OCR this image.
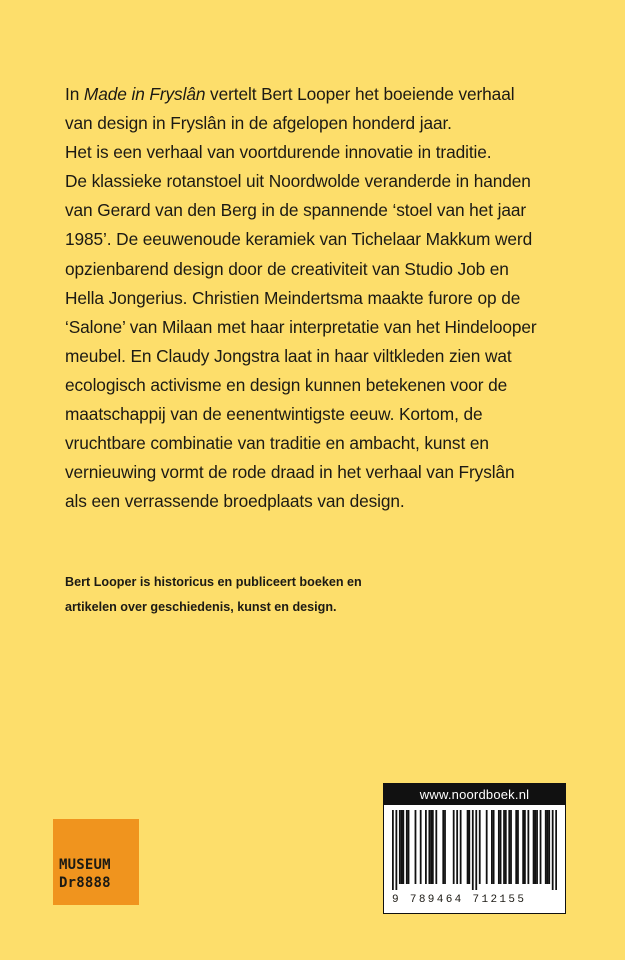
In Made in Fryslân vertelt Bert Looper het boeiende verhaal
van design in Fryslân in de afgelopen honderd jaar.
Het is een verhaal van voortdurende innovatie in traditie.
De klassieke rotanstoel uit Noordwolde veranderde in handen
van Gerard van den Berg in de spannende ‘stoel van het jaar
1985’. De eeuwenoude keramiek van Tichelaar Makkum werd
opzienbarend design door de creativiteit van Studio Job en
Hella Jongerius. Christien Meindertsma maakte furore op de
‘Salone’ van Milaan met haar interpretatie van het Hindelooper
meubel. En Claudy Jongstra laat in haar viltkleden zien wat
ecologisch activisme en design kunnen betekenen voor de
maatschappij van de eenentwintigste eeuw. Kortom, de
vruchtbare combinatie van traditie en ambacht, kunst en
vernieuwing vormt de rode draad in het verhaal van Fryslân
als een verrassende broedplaats van design.
Bert Looper is historicus en publiceert boeken en
artikelen over geschiedenis, kunst en design.
MUSEUM
Dr8888
www.noordboek.nl
9 789464 712155
